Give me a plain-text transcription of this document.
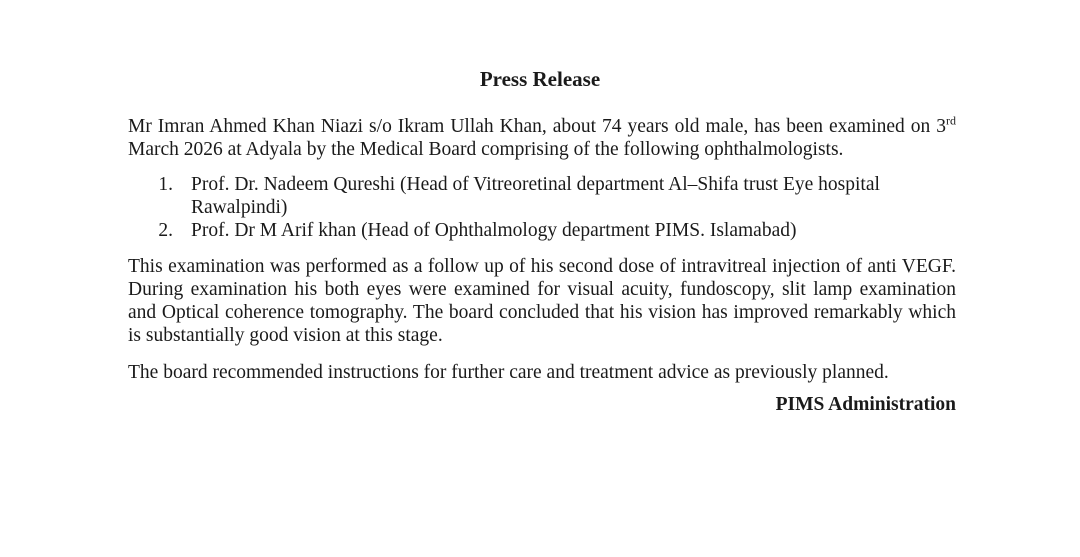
Press Release

Mr Imran Ahmed Khan Niazi s/o Ikram Ullah Khan, about 74 years old male, has been examined on 3rd March 2026 at Adyala by the Medical Board comprising of the following ophthalmologists.

1. Prof. Dr. Nadeem Qureshi (Head of Vitreoretinal department Al–Shifa trust Eye hospital Rawalpindi)
2. Prof. Dr M Arif khan (Head of Ophthalmology department PIMS. Islamabad)

This examination was performed as a follow up of his second dose of intravitreal injection of anti VEGF. During examination his both eyes were examined for visual acuity, fundoscopy, slit lamp examination and Optical coherence tomography. The board concluded that his vision has improved remarkably which is substantially good vision at this stage.

The board recommended instructions for further care and treatment advice as previously planned.

PIMS Administration
